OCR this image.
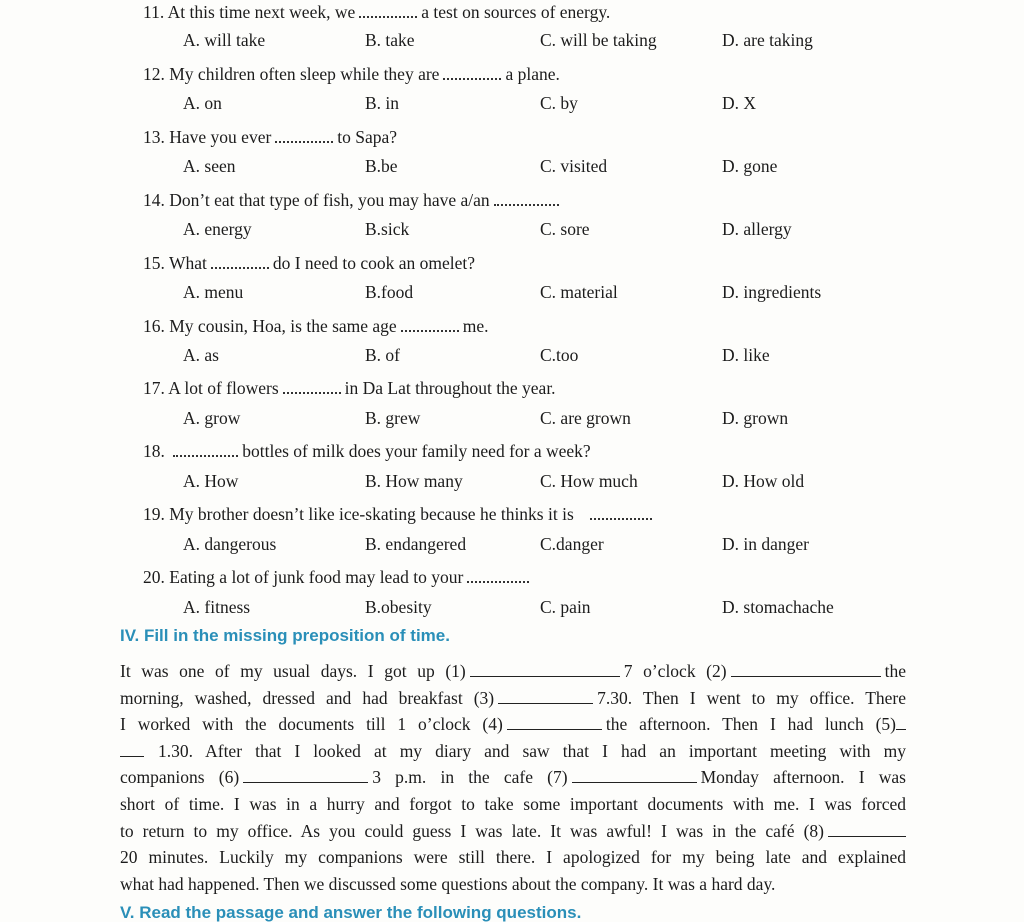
11. At this time next week, we	a test on sources of energy.
A. will take	B. take	C. will be taking	D. are taking
12. My children often sleep while they are	a plane.
A. on	B. in	C. by	D. X
13. Have you ever	to Sapa?
A. seen	B.be	C. visited	D. gone
14. Don’t eat that type of fish, you may have a/an
A. energy	B.sick	C. sore	D. allergy
15. What	do I need to cook an omelet?
A. menu	B.food	C. material	D. ingredients
16. My cousin, Hoa, is the same age	me.
A. as	B. of	C.too	D. like
17. A lot of flowers	in Da Lat throughout the year.
A. grow	B. grew	C. are grown	D. grown
18.	bottles of milk does your family need for a week?
A. How	B. How many	C. How much	D. How old
19. My brother doesn’t like ice-skating because he thinks it is
A. dangerous	B. endangered	C.danger	D. in danger
20. Eating a lot of junk food may lead to your
A. fitness	B.obesity	C. pain	D. stomachache
IV. Fill in the missing preposition of time.
It was one of my usual days. I got up (1)	7 o’clock (2)	the
morning, washed, dressed and had breakfast (3)	7.30. Then I went to my office. There
I worked with the documents till 1 o’clock (4)	the afternoon. Then I had lunch (5)
1.30. After that I looked at my diary and saw that I had an important meeting with my
companions (6)	3 p.m. in the cafe (7)	Monday afternoon. I was
short of time. I was in a hurry and forgot to take some important documents with me. I was forced
to return to my office. As you could guess I was late. It was awful! I was in the café (8)
20 minutes. Luckily my companions were still there. I apologized for my being late and explained
what had happened. Then we discussed some questions about the company. It was a hard day.
V. Read the passage and answer the following questions.
